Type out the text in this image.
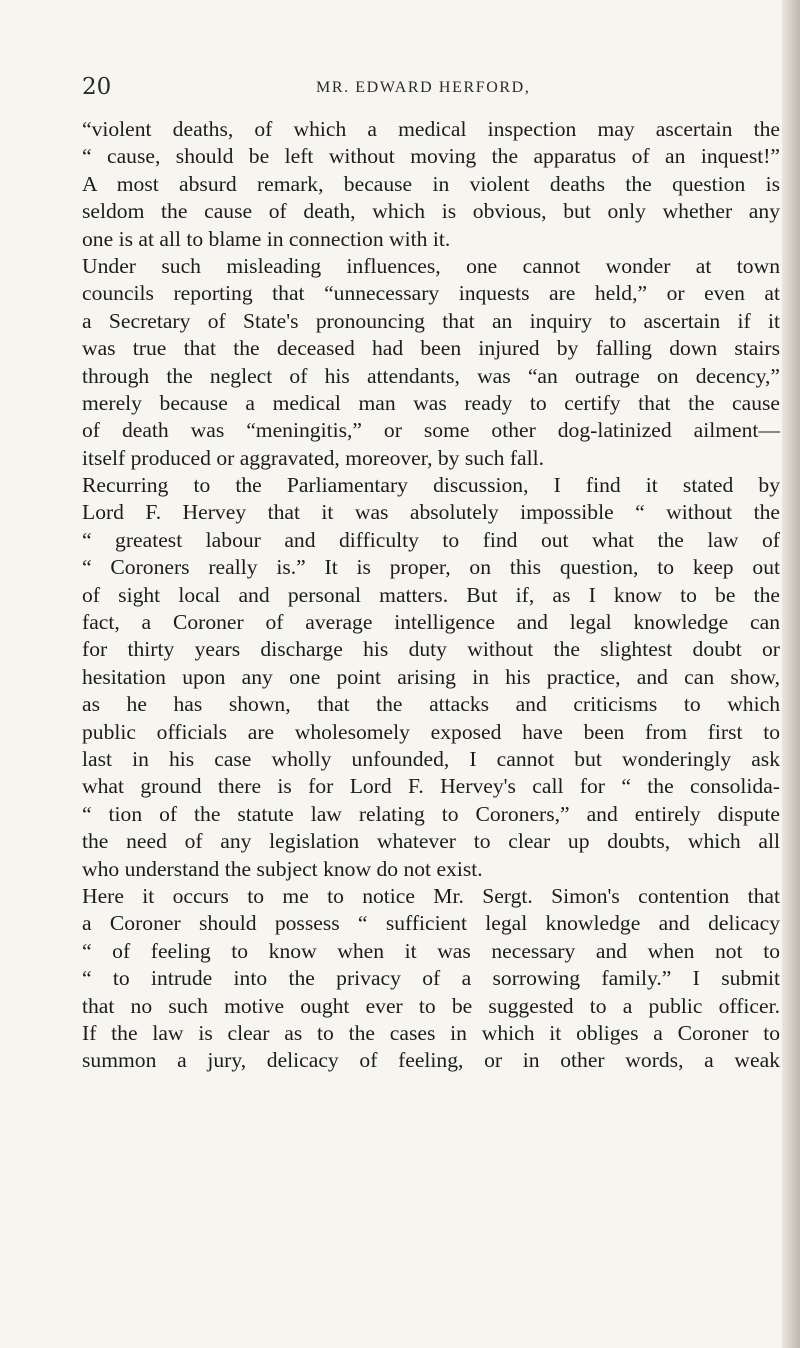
20	MR. EDWARD HERFORD,
“violent deaths, of which a medical inspection may ascertain the
“ cause, should be left without moving the apparatus of an inquest!”
A most absurd remark, because in violent deaths the question is
seldom the cause of death, which is obvious, but only whether any
one is at all to blame in connection with it.
Under such misleading influences, one cannot wonder at town
councils reporting that “unnecessary inquests are held,” or even at
a Secretary of State's pronouncing that an inquiry to ascertain if it
was true that the deceased had been injured by falling down stairs
through the neglect of his attendants, was “an outrage on decency,”
merely because a medical man was ready to certify that the cause
of death was “meningitis,” or some other dog-latinized ailment—
itself produced or aggravated, moreover, by such fall.
Recurring to the Parliamentary discussion, I find it stated by
Lord F. Hervey that it was absolutely impossible “ without the
“ greatest labour and difficulty to find out what the law of
“ Coroners really is.” It is proper, on this question, to keep out
of sight local and personal matters. But if, as I know to be the
fact, a Coroner of average intelligence and legal knowledge can
for thirty years discharge his duty without the slightest doubt or
hesitation upon any one point arising in his practice, and can show,
as he has shown, that the attacks and criticisms to which
public officials are wholesomely exposed have been from first to
last in his case wholly unfounded, I cannot but wonderingly ask
what ground there is for Lord F. Hervey's call for “ the consolida-
“ tion of the statute law relating to Coroners,” and entirely dispute
the need of any legislation whatever to clear up doubts, which all
who understand the subject know do not exist.
Here it occurs to me to notice Mr. Sergt. Simon's contention that
a Coroner should possess “ sufficient legal knowledge and delicacy
“ of feeling to know when it was necessary and when not to
“ to intrude into the privacy of a sorrowing family.” I submit
that no such motive ought ever to be suggested to a public officer.
If the law is clear as to the cases in which it obliges a Coroner to
summon a jury, delicacy of feeling, or in other words, a weak
